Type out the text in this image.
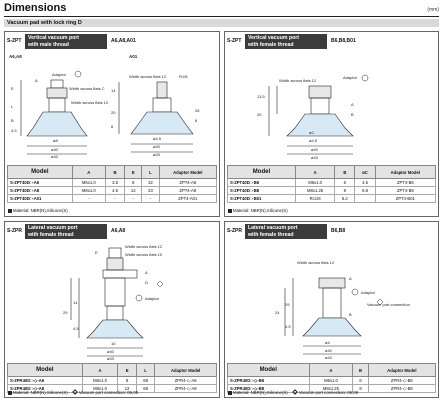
Dimensions	(mm)
Vacuum pad with lock ring D
S-ZPT
Vertical vacuum port
with male thread
A6,A8,A01
A6,A8	A01
Adaptor
Width across flats C
Width across flats 12
Width across flats 12	R1/8
E
L
B
4.5
14
20
6
8
26
ø4.5
ø40
ø43
ø43
ø8
ø40
A
Model	A	B	E	L	Adaptor Model
S-ZPT40D□-A6	M6x1.0	3.5	8	32	ZPT4-A6
S-ZPT40D□-A8	M8x1.0	4.5	12	23	ZPT4-A8
S-ZPT40D□-A01	-	-	-	-	ZPT4-A01
Material: NBR(N),Silicone(S)
S-ZPT
Vertical vacuum port
with female thread
B6,B8,B01
Adaptor
Width across flats 12
A
B
13.5
20
ø4.5
ø40
ø43
øC
Model	A	B	øC	Adaptor Model
S-ZPT40D□-B6	M6x1.0	6	4.5	ZPT4-B6
S-ZPT40D□-B8	M8x1.25	8	6.8	ZPT4-B8
S-ZPT40D□-B01	Rc1/8	6.2		ZPT4-B01
Material: NBR(N),Silicone(S)
S-ZPR
Lateral vacuum port
with female thread
A6,A8
Width across flats 12
Width across flats 10
Adaptor
A
E
D
29
14
4.5
ø40
ø43
10
Model	A	E	L	Adaptor Model
S-ZPR40D□-◇-A6	M6x1.0	8	68	ZPR4-◇-A6
S-ZPR40D□-◇-A8	M8x1.0	12	68	ZPR4-◇-A8
Material: NBR(N),Silicone(S)	Vacuum port connection: 06,08
S-ZPR
Lateral vacuum port
with female thread
B6,B8
Width across flats 12
Adaptor
Vacuum port connection
A
B
24
29
4.5
ø4
ø40
ø43
Model	A	B	Adaptor Model
S-ZPR40D□-◇-B6	M6x1.0	6	ZPR4-◇-B6
S-ZPR40D□-◇-B8	M8x1.25	8	ZPR4-◇-B8
Material: NBR(N),Silicone(S)	Vacuum port connection: 06,08
